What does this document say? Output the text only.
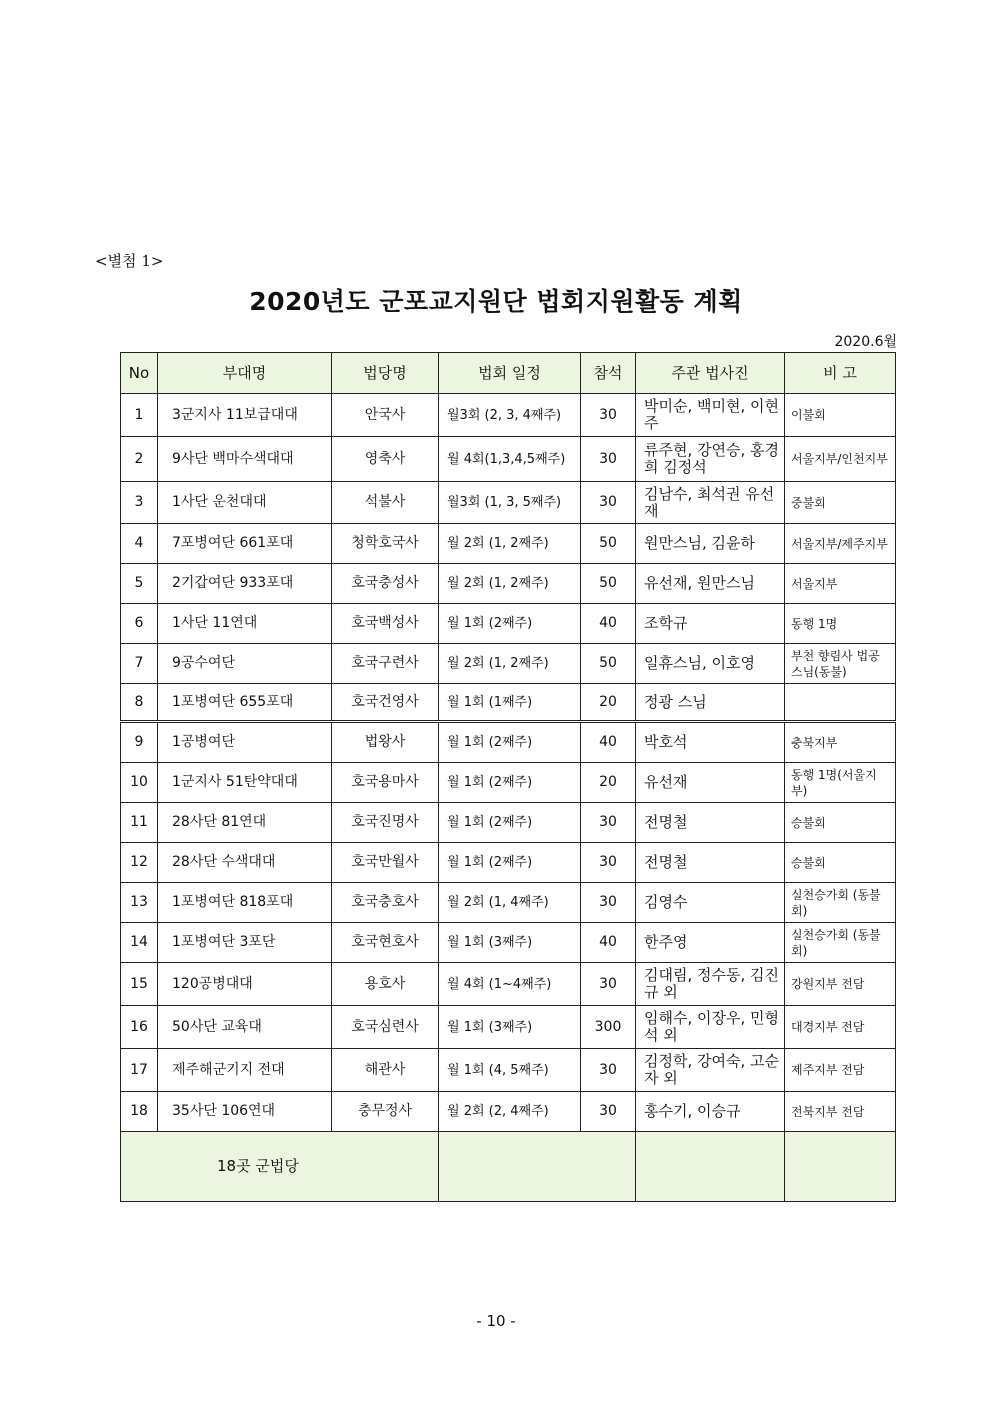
<별첨 1>
2020년도 군포교지원단 법회지원활동 계획
2020.6월
No	부대명	법당명	법회 일정	참석	주관 법사진	비 고
1	3군지사 11보급대대	안국사	월3회 (2, 3, 4째주)	30	박미순, 백미현, 이현주	이불회
2	9사단 백마수색대대	영축사	월 4회(1,3,4,5째주)	30	류주현, 강연승, 홍경희 김정석	서울지부/인천지부
3	1사단 운천대대	석불사	월3회 (1, 3, 5째주)	30	김남수, 최석권 유선재	중불회
4	7포병여단 661포대	청학호국사	월 2회 (1, 2째주)	50	원만스님, 김윤하	서울지부/제주지부
5	2기갑여단 933포대	호국충성사	월 2회 (1, 2째주)	50	유선재, 원만스님	서울지부
6	1사단 11연대	호국백성사	월 1회 (2째주)	40	조학규	동행 1명
7	9공수여단	호국구련사	월 2회 (1, 2째주)	50	일휴스님, 이호영	부천 향림사 법공스님(동불)
8	1포병여단 655포대	호국건영사	월 1회 (1째주)	20	정광 스님	
9	1공병여단	법왕사	월 1회 (2째주)	40	박호석	충북지부
10	1군지사 51탄약대대	호국용마사	월 1회 (2째주)	20	유선재	동행 1명(서울지부)
11	28사단 81연대	호국진명사	월 1회 (2째주)	30	전명철	승불회
12	28사단 수색대대	호국만월사	월 1회 (2째주)	30	전명철	승불회
13	1포병여단 818포대	호국충호사	월 2회 (1, 4째주)	30	김영수	실천승가회 (동불회)
14	1포병여단 3포단	호국현호사	월 1회 (3째주)	40	한주영	실천승가회 (동불회)
15	120공병대대	용호사	월 4회 (1~4째주)	30	김대림, 정수동, 김진규 외	강원지부 전담
16	50사단 교육대	호국심련사	월 1회 (3째주)	300	임해수, 이장우, 민형석 외	대경지부 전담
17	제주해군기지 전대	해관사	월 1회 (4, 5째주)	30	김정학, 강여숙, 고순자 외	제주지부 전담
18	35사단 106연대	충무정사	월 2회 (2, 4째주)	30	홍수기, 이승규	전북지부 전담
18곳 군법당						
- 10 -
